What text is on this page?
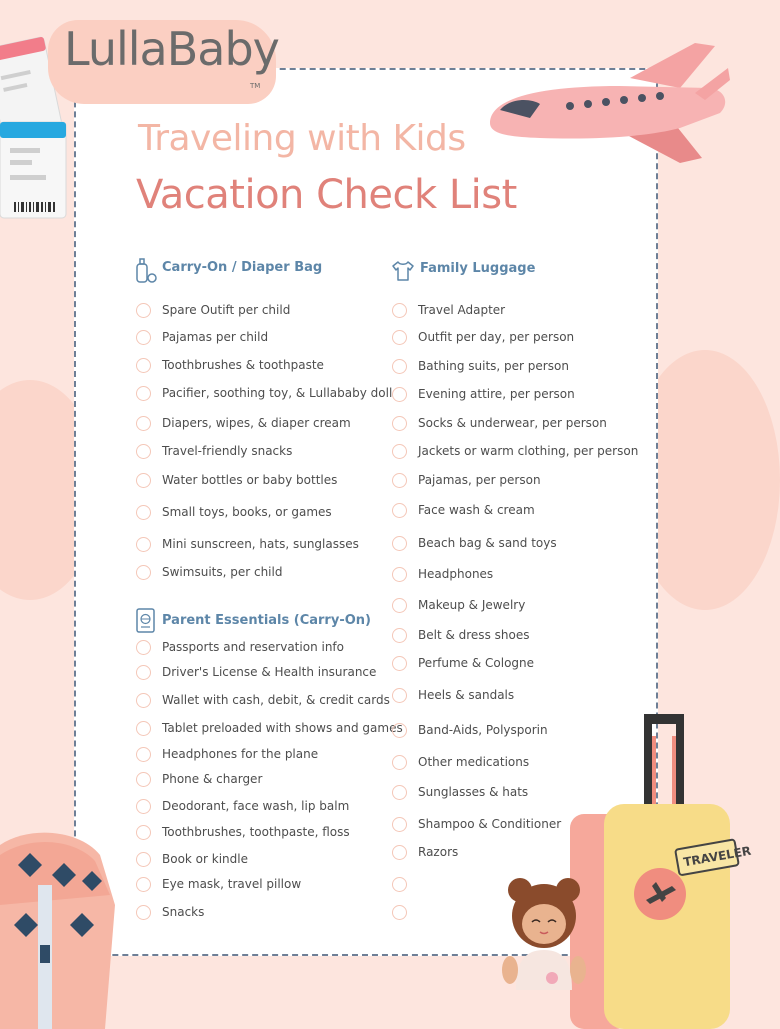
LullaBaby
TM
Traveling with Kids
Vacation Check List
Carry-On / Diaper Bag
Spare Outift per child
Pajamas per child
Toothbrushes & toothpaste
Pacifier, soothing toy, & Lullababy doll
Diapers, wipes, & diaper cream
Travel-friendly snacks
Water bottles or baby bottles
Small toys, books, or games
Mini sunscreen, hats, sunglasses
Swimsuits, per child
Parent Essentials (Carry-On)
Passports and reservation info
Driver's License & Health insurance
Wallet with cash, debit, & credit cards
Tablet preloaded with shows and games
Headphones for the plane
Phone & charger
Deodorant, face wash, lip balm
Toothbrushes, toothpaste, floss
Book or kindle
Eye mask, travel pillow
Snacks
Family Luggage
Travel Adapter
Outfit per day, per person
Bathing suits, per person
Evening attire, per person
Socks & underwear, per person
Jackets or warm clothing, per person
Pajamas, per person
Face wash & cream
Beach bag & sand toys
Headphones
Makeup & Jewelry
Belt & dress shoes
Perfume & Cologne
Heels & sandals
Band-Aids, Polysporin
Other medications
Sunglasses & hats
Shampoo & Conditioner
Razors	TRAVELER
